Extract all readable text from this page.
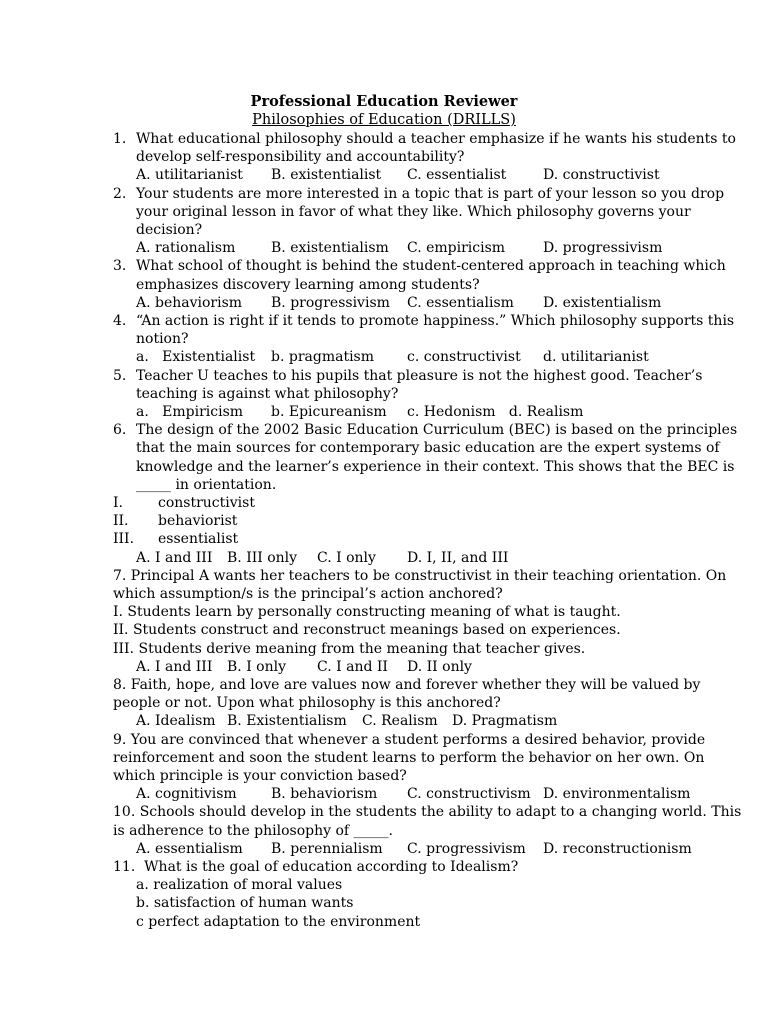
1. What educational philosophy should a teacher emphasize if he wants his students to
develop self-responsibility and accountability?
A. utilitarianist B. existentialist C. essentialist	D. constructivist
2. Your students are more interested in a topic that is part of your lesson so you drop
your original lesson in favor of what they like. Which philosophy governs your
decision?
A. rationalism	B. existentialism C. empiricism	D. progressivism
3. What school of thought is behind the student-centered approach in teaching which
emphasizes discovery learning among students?
A. behaviorism B. progressivism C. essentialism D. existentialism
4. “An action is right if it tends to promote happiness.” Which philosophy supports this
notion?
a.   Existentialist b. pragmatism c. constructivist d. utilitarianist
5. Teacher U teaches to his pupils that pleasure is not the highest good. Teacher’s
teaching is against what philosophy?
a.   Empiricism b. Epicureanism c. Hedonism   d. Realism
6. The design of the 2002 Basic Education Curriculum (BEC) is based on the principles
that the main sources for contemporary basic education are the expert systems of
knowledge and the learner’s experience in their context. This shows that the BEC is
_____ in orientation.
I.	constructivist
II. behaviorist
III. essentialist
A. I and III B. III only C. I only D. I, II, and III
7. Principal A wants her teachers to be constructivist in their teaching orientation. On
which assumption/s is the principal’s action anchored?
I. Students learn by personally constructing meaning of what is taught.
II. Students construct and reconstruct meanings based on experiences.
III. Students derive meaning from the meaning that teacher gives.
A. I and III B. I only C. I and II D. II only
8. Faith, hope, and love are values now and forever whether they will be valued by
people or not. Upon what philosophy is this anchored?
A. Idealism B. Existentialism C. Realism D. Pragmatism
9. You are convinced that whenever a student performs a desired behavior, provide
reinforcement and soon the student learns to perform the behavior on her own. On
which principle is your conviction based?
A. cognitivism B. behaviorism C. constructivism D. environmentalism
10. Schools should develop in the students the ability to adapt to a changing world. This
is adherence to the philosophy of _____.
A. essentialism B. perennialism C. progressivism D. reconstructionism
11.  What is the goal of education according to Idealism?
a. realization of moral values
b. satisfaction of human wants
c perfect adaptation to the environment
Professional Education Reviewer
Philosophies of Education (DRILLS)
